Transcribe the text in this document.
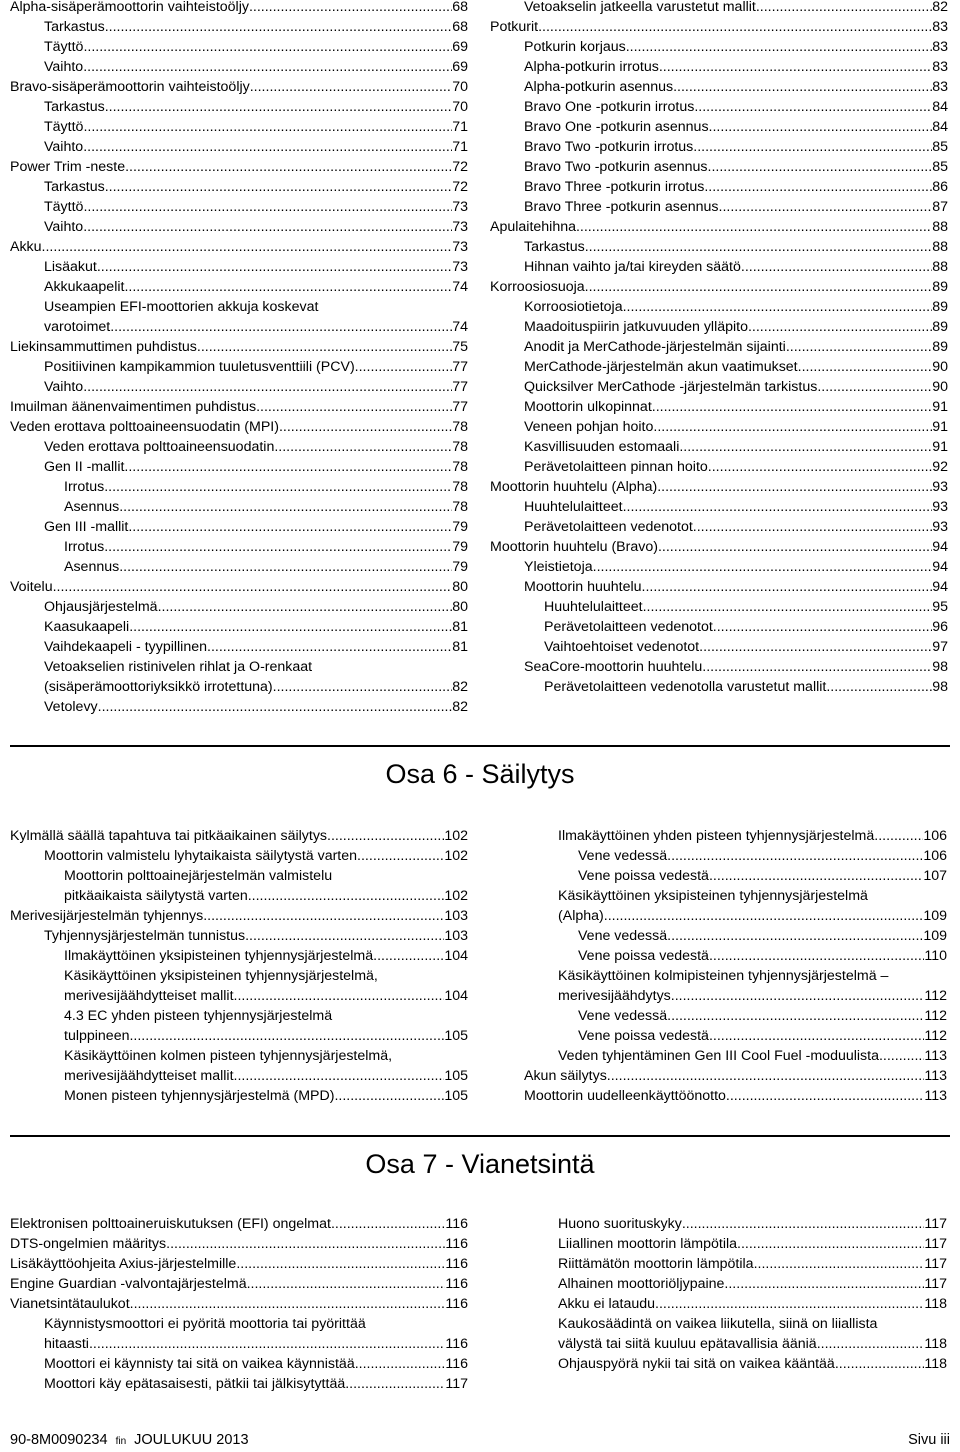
Alpha-sisäperämoottorin vaihteistoöljy .....	68
Tarkastus .....	68
Täyttö .....	69
Vaihto .....	69
Bravo-sisäperämoottorin vaihteistoöljy .....	70
Tarkastus .....	70
Täyttö .....	71
Vaihto .....	71
Power Trim -neste .....	72
Tarkastus .....	72
Täyttö .....	73
Vaihto .....	73
Akku .....	73
Lisäakut .....	73
Akkukaapelit .....	74
Useampien EFI-moottorien akkuja koskevat
varotoimet .....	74
Liekinsammuttimen puhdistus .....	75
Positiivinen kampikammion tuuletusventtiili (PCV) .....	77
Vaihto .....	77
Imuilman äänenvaimentimen puhdistus .....	77
Veden erottava polttoaineensuodatin (MPI) .....	78
Veden erottava polttoaineensuodatin .....	78
Gen II -mallit .....	78
Irrotus .....	78
Asennus .....	78
Gen III -mallit .....	79
Irrotus .....	79
Asennus .....	79
Voitelu .....	80
Ohjausjärjestelmä .....	80
Kaasukaapeli .....	81
Vaihdekaapeli - tyypillinen .....	81
Vetoakselien ristinivelen rihlat ja O-renkaat
(sisäperämoottoriyksikkö irrotettuna) .....	82
Vetolevy .....	82
Vetoakselin jatkeella varustetut mallit .....	82
Potkurit .....	83
Potkurin korjaus .....	83
Alpha-potkurin irrotus .....	83
Alpha-potkurin asennus .....	83
Bravo One -potkurin irrotus .....	84
Bravo One -potkurin asennus .....	84
Bravo Two -potkurin irrotus .....	85
Bravo Two -potkurin asennus .....	85
Bravo Three -potkurin irrotus .....	86
Bravo Three -potkurin asennus .....	87
Apulaitehihna .....	88
Tarkastus .....	88
Hihnan vaihto ja/tai kireyden säätö .....	88
Korroosiosuoja .....	89
Korroosiotietoja .....	89
Maadoituspiirin jatkuvuuden ylläpito .....	89
Anodit ja MerCathode-järjestelmän sijainti .....	89
MerCathode-järjestelmän akun vaatimukset .....	90
Quicksilver MerCathode -järjestelmän tarkistus .....	90
Moottorin ulkopinnat .....	91
Veneen pohjan hoito .....	91
Kasvillisuuden estomaali .....	91
Perävetolaitteen pinnan hoito .....	92
Moottorin huuhtelu (Alpha) .....	93
Huuhtelulaitteet .....	93
Perävetolaitteen vedenotot .....	93
Moottorin huuhtelu (Bravo) .....	94
Yleistietoja .....	94
Moottorin huuhtelu .....	94
Huuhtelulaitteet .....	95
Perävetolaitteen vedenotot .....	96
Vaihtoehtoiset vedenotot .....	97
SeaCore-moottorin huuhtelu .....	98
Perävetolaitteen vedenotolla varustetut mallit .....	98
Osa 6 - Säilytys
Kylmällä säällä tapahtuva tai pitkäaikainen säilytys .....	102
Moottorin valmistelu lyhytaikaista säilytystä varten .....	102
Moottorin polttoainejärjestelmän valmistelu
pitkäaikaista säilytystä varten .....	102
Merivesijärjestelmän tyhjennys .....	103
Tyhjennysjärjestelmän tunnistus .....	103
Ilmakäyttöinen yksipisteinen tyhjennysjärjestelmä .....	104
Käsikäyttöinen yksipisteinen tyhjennysjärjestelmä,
merivesijäähdytteiset mallit .....	104
4.3 EC yhden pisteen tyhjennysjärjestelmä
tulppineen .....	105
Käsikäyttöinen kolmen pisteen tyhjennysjärjestelmä,
merivesijäähdytteiset mallit .....	105
Monen pisteen tyhjennysjärjestelmä (MPD) .....	105
Ilmakäyttöinen yhden pisteen tyhjennysjärjestelmä .....	106
Vene vedessä .....	106
Vene poissa vedestä .....	107
Käsikäyttöinen yksipisteinen tyhjennysjärjestelmä
(Alpha) .....	109
Vene vedessä .....	109
Vene poissa vedestä .....	110
Käsikäyttöinen kolmipisteinen tyhjennysjärjestelmä –
merivesijäähdytys .....	112
Vene vedessä .....	112
Vene poissa vedestä .....	112
Veden tyhjentäminen Gen III Cool Fuel -moduulista .....	113
Akun säilytys .....	113
Moottorin uudelleenkäyttöönotto .....	113
Osa 7 - Vianetsintä
Elektronisen polttoaineruiskutuksen (EFI) ongelmat .....	116
DTS-ongelmien määritys .....	116
Lisäkäyttöohjeita Axius-järjestelmille .....	116
Engine Guardian -valvontajärjestelmä .....	116
Vianetsintätaulukot .....	116
Käynnistysmoottori ei pyöritä moottoria tai pyörittää
hitaasti .....	116
Moottori ei käynnisty tai sitä on vaikea käynnistää .....	116
Moottori käy epätasaisesti, pätkii tai jälkisytyttää .....	117
Huono suorituskyky .....	117
Liiallinen moottorin lämpötila .....	117
Riittämätön moottorin lämpötila .....	117
Alhainen moottoriöljypaine .....	117
Akku ei lataudu .....	118
Kaukosäädintä on vaikea liikutella, siinä on liiallista
välystä tai siitä kuuluu epätavallisia ääniä .....	118
Ohjauspyörä nykii tai sitä on vaikea kääntää .....	118
90-8M0090234 fin JOULUKUU 2013	Sivu iii
